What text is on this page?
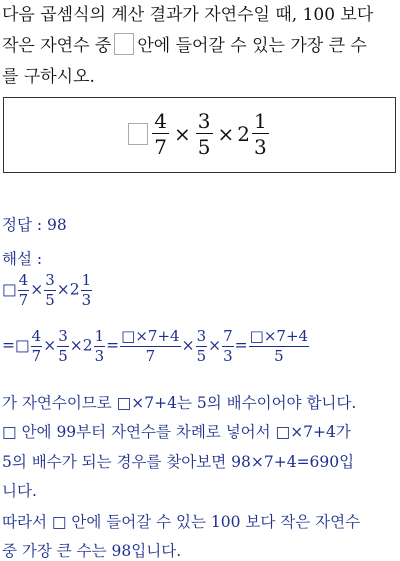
다음 곱셈식의 계산 결과가 자연수일 때, 100 보다
작은 자연수 중 안에 들어갈 수 있는 가장 큰 수
를 구하시오.
$\frac{4}{7} \times \frac{3}{5} \times 2 \frac{1}{3}$
정답 : 98
해설 :
□ $\frac{4}{7} \times \frac{3}{5} \times 2 \frac{1}{3}$
=□ $\frac{4}{7} \times \frac{3}{5} \times 2 \frac{1}{3} = \frac{□\times 7+4}{7} \times \frac{3}{5} \times \frac{7}{3} = \frac{□\times 7+4}{5}$
가 자연수이므로 □×7+4는 5의 배수이어야 합니다.
□ 안에 99부터 자연수를 차례로 넣어서 □×7+4가
5의 배수가 되는 경우를 찾아보면 98×7+4=690입
니다.
따라서 □ 안에 들어갈 수 있는 100 보다 작은 자연수
중 가장 큰 수는 98입니다.
